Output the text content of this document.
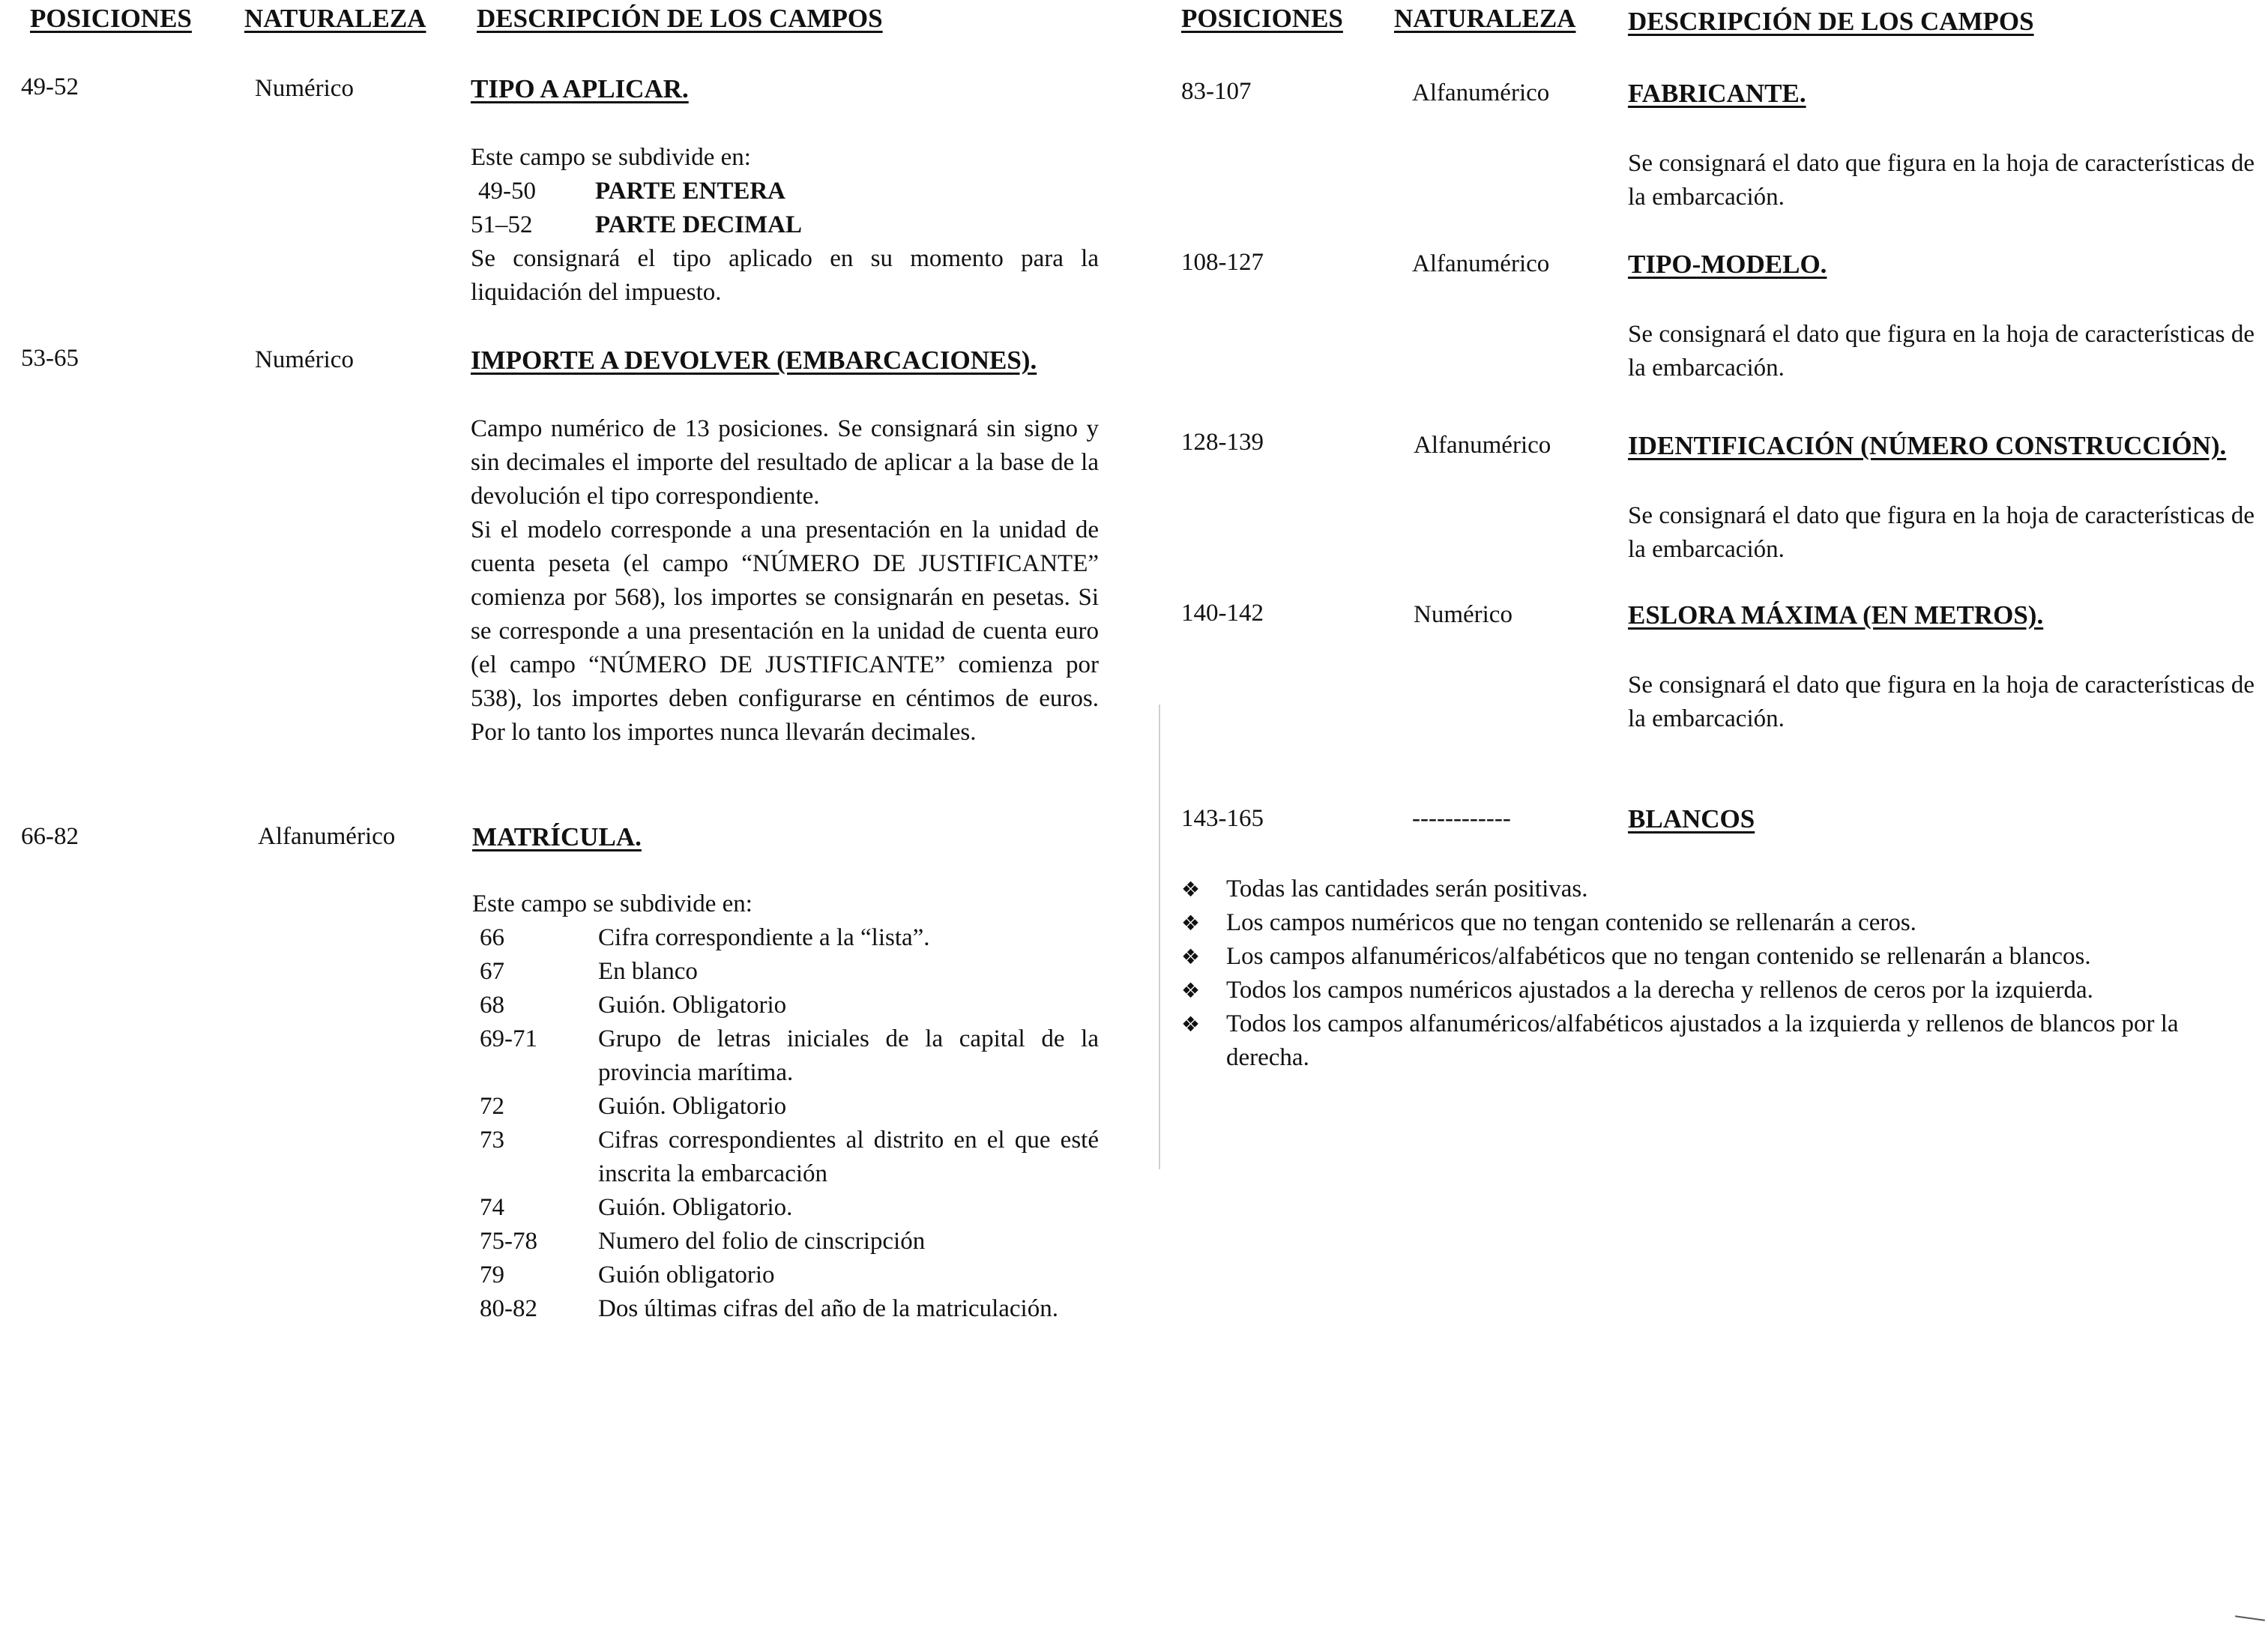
POSICIONES NATURALEZA DESCRIPCIÓN DE LOS CAMPOS
49-52	Numérico	TIPO A APLICAR.
Este campo se subdivide en:
49-50 PARTE ENTERA
51–52	PARTE DECIMAL
Se consignará el tipo aplicado en su momento para la liquidación del impuesto.
53-65	Numérico	IMPORTE A DEVOLVER (EMBARCACIONES).
Campo numérico de 13 posiciones. Se consignará sin signo y sin decimales el importe del resultado de aplicar a la base de la devolución el tipo correspondiente.
Si el modelo corresponde a una presentación en la unidad de cuenta peseta (el campo “NÚMERO DE JUSTIFICANTE” comienza por 568), los importes se consignarán en pesetas. Si se corresponde a una presentación en la unidad de cuenta euro (el campo “NÚMERO DE JUSTIFICANTE” comienza por 538), los importes deben configurarse en céntimos de euros. Por lo tanto los importes nunca llevarán decimales.
66-82	Alfanumérico	MATRÍCULA.
Este campo se subdivide en:
66	Cifra correspondiente a la “lista”.
67	En blanco
68	Guión. Obligatorio
69-71	Grupo de letras iniciales de la capital de la provincia marítima.
72	Guión. Obligatorio
73	Cifras correspondientes al distrito en el que esté inscrita la embarcación
74	Guión. Obligatorio.
75-78	Numero del folio de cinscripción
79	Guión obligatorio
80-82	Dos últimas cifras del año de la matriculación.
POSICIONES NATURALEZA DESCRIPCIÓN DE LOS CAMPOS
83-107	Alfanumérico	FABRICANTE.
Se consignará el dato que figura en la hoja de características de la embarcación.
108-127	Alfanumérico	TIPO-MODELO.
Se consignará el dato que figura en la hoja de características de la embarcación.
128-139	Alfanumérico	IDENTIFICACIÓN (NÚMERO CONSTRUCCIÓN).
Se consignará el dato que figura en la hoja de características de la embarcación.
140-142	Numérico	ESLORA MÁXIMA (EN METROS).
Se consignará el dato que figura en la hoja de características de la embarcación.
143-165	------------	BLANCOS
❖ Todas las cantidades serán positivas.
❖ Los campos numéricos que no tengan contenido se rellenarán a ceros.
❖ Los campos alfanuméricos/alfabéticos que no tengan contenido se rellenarán a blancos.
❖ Todos los campos numéricos ajustados a la derecha y rellenos de ceros por la izquierda.
❖ Todos los campos alfanuméricos/alfabéticos ajustados a la izquierda y rellenos de blancos por la derecha.
